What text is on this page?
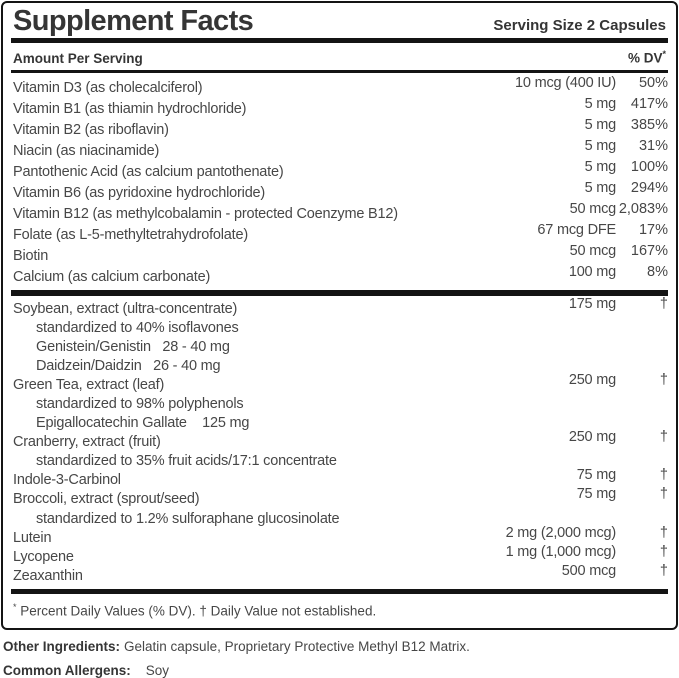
Supplement Facts	Serving Size 2 Capsules
Amount Per Serving	% DV*
Vitamin D3 (as cholecalciferol)	10 mcg (400 IU)	50%
Vitamin B1 (as thiamin hydrochloride)	5 mg	417%
Vitamin B2 (as riboflavin)	5 mg	385%
Niacin (as niacinamide)	5 mg	31%
Pantothenic Acid (as calcium pantothenate)	5 mg	100%
Vitamin B6 (as pyridoxine hydrochloride)	5 mg	294%
Vitamin B12 (as methylcobalamin - protected Coenzyme B12)	50 mcg 2,083%
Folate (as L-5-methyltetrahydrofolate)	67 mcg DFE	17%
Biotin	50 mcg	167%
Calcium (as calcium carbonate)	100 mg	8%
Soybean, extract (ultra-concentrate)	175 mg	†
standardized to 40% isoflavones
Genistein/Genistin   28 - 40 mg
Daidzein/Daidzin   26 - 40 mg
Green Tea, extract (leaf)	250 mg	†
standardized to 98% polyphenols
Epigallocatechin Gallate    125 mg
Cranberry, extract (fruit)	250 mg	†
standardized to 35% fruit acids/17:1 concentrate
Indole-3-Carbinol	75 mg	†
Broccoli, extract (sprout/seed)	75 mg	†
standardized to 1.2% sulforaphane glucosinolate
Lutein	2 mg (2,000 mcg)	†
Lycopene	1 mg (1,000 mcg)	†
Zeaxanthin	500 mcg	†
* Percent Daily Values (% DV). † Daily Value not established.
Other Ingredients: Gelatin capsule, Proprietary Protective Methyl B12 Matrix.
Common Allergens: Soy
